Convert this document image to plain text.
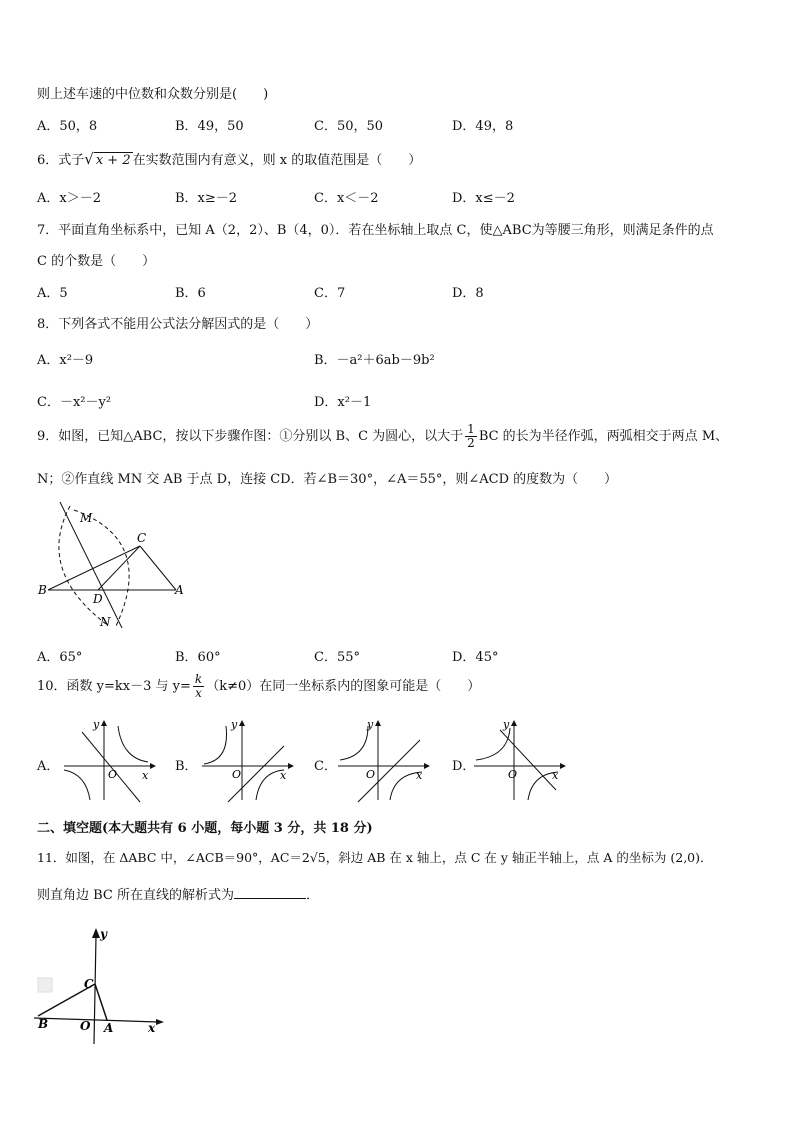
则上述车速的中位数和众数分别是(　　)
A．50，8	B．49，50	C．50，50	D．49，8
6．式子√ x + 2 在实数范围内有意义，则 x 的取值范围是（　　）
A．x＞－2	B．x≥－2	C．x＜－2	D．x≤－2
7．平面直角坐标系中，已知 A（2，2）、B（4，0）．若在坐标轴上取点 C，使△ABC为等腰三角形，则满足条件的点
C 的个数是（　　）
A．5	B．6	C．7	D．8
8．下列各式不能用公式法分解因式的是（　　）
A．x²－9	B．－a²＋6ab－9b²
C．－x²－y²	D．x²－1
9．如图，已知△ABC，按以下步骤作图：①分别以 B、C 为圆心，以大于 $\frac{1}{2}$ BC 的长为半径作弧，两弧相交于两点 M、
N；②作直线 MN 交 AB 于点 D，连接 CD．若∠B＝30°，∠A＝55°，则∠ACD 的度数为（　　）
M
C
B
D
A
N
A．65°	B．60°	C．55°	D．45°
10．函数 y=kx－3 与 $y= \frac{k}{x} (k\ne 0)$在同一坐标系内的图象可能是（　　）
A．	B．	C．	D．
y
x
O
y
x
O
y
x
O
y
x
O
二、填空题(本大题共有 6 小题，每小题 3 分，共 18 分)
11．如图，在 ΔABC 中，∠ACB＝90°，AC＝2√5，斜边 AB 在 x 轴上，点 C 在 y 轴正半轴上，点 A 的坐标为 (2,0)．
则直角边 BC 所在直线的解析式为	．
y
C
B	O A	x
